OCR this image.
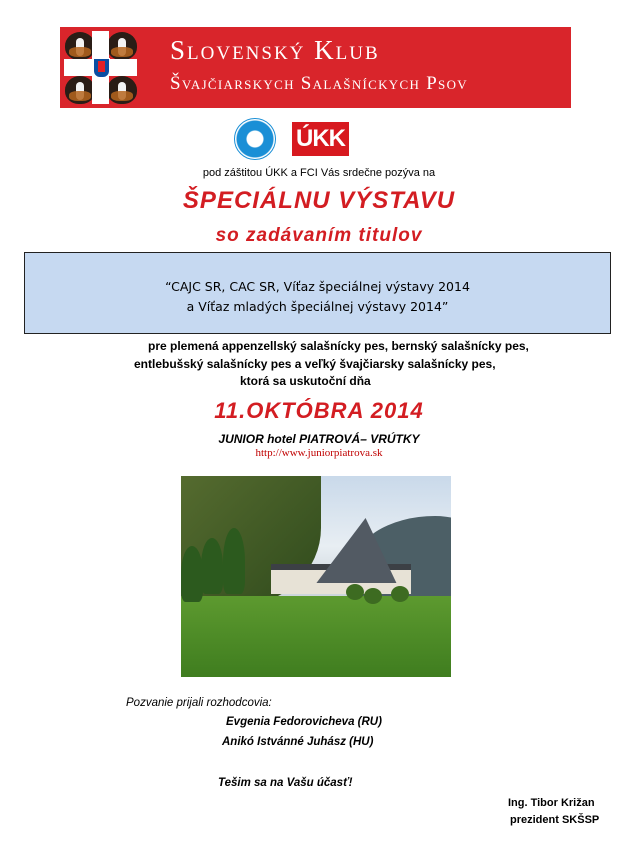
Slovenský Klub
Švajčiarskych Salašníckych Psov
FCI	ÚKK
pod záštitou ÚKK a FCI Vás srdečne pozýva na
ŠPECIÁLNU VÝSTAVU
so zadávaním titulov
“CAJC SR, CAC SR, Víťaz špeciálnej výstavy 2014
a Víťaz mladých špeciálnej výstavy 2014”
pre plemená appenzellský salašnícky pes, bernský salašnícky pes,
entlebušský salašnícky pes a veľký švajčiarsky salašnícky pes,
ktorá sa uskutoční dňa
11.OKTÓBRA 2014
JUNIOR hotel PIATROVÁ– VRÚTKY
http://www.juniorpiatrova.sk
Pozvanie prijali rozhodcovia:
Evgenia Fedorovicheva (RU)
Anikó Istvánné Juhász (HU)
Tešim sa na Vašu účasť!
Ing. Tibor Križan
prezident SKŠSP
